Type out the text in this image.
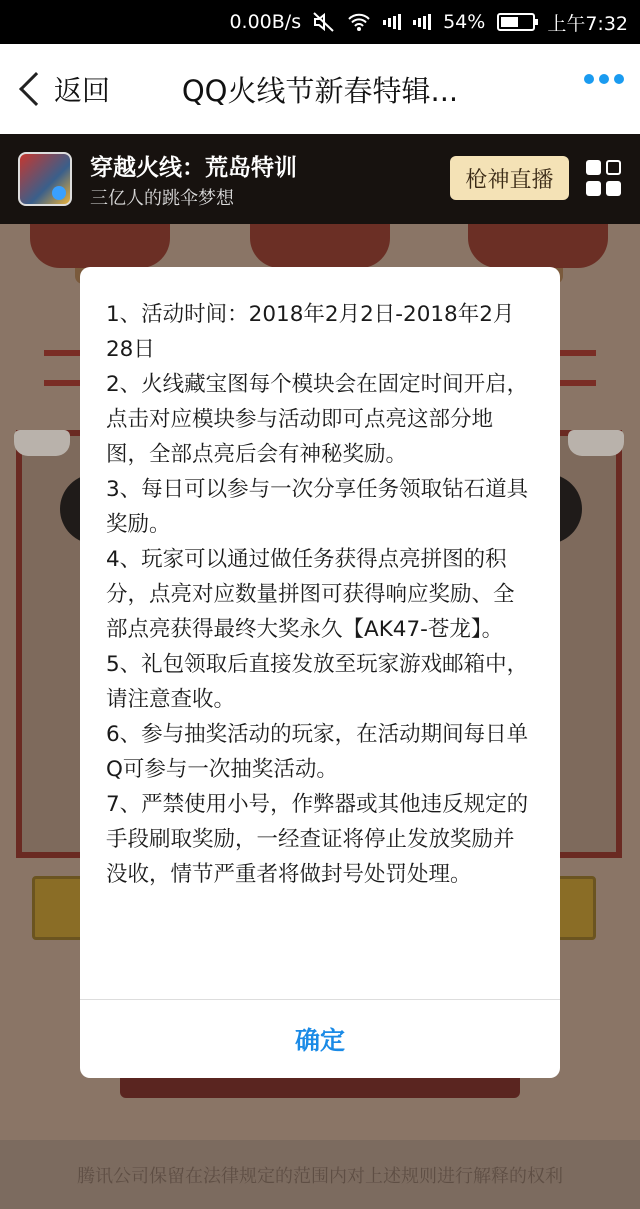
0.00B/s	54%	上午7:32
返回	QQ火线节新春特辑...
腾讯公司保留在法律规定的范围内对上述规则进行解释的权利
穿越火线：荒岛特训
三亿人的跳伞梦想
枪神直播

1、活动时间：2018年2月2日-2018年2月28日

2、火线藏宝图每个模块会在固定时间开启，点击对应模块参与活动即可点亮这部分地图，全部点亮后会有神秘奖励。

3、每日可以参与一次分享任务领取钻石道具奖励。

4、玩家可以通过做任务获得点亮拼图的积分，点亮对应数量拼图可获得响应奖励、全部点亮获得最终大奖永久【AK47-苍龙】。

5、礼包领取后直接发放至玩家游戏邮箱中，请注意查收。

6、参与抽奖活动的玩家，在活动期间每日单Q可参与一次抽奖活动。

7、严禁使用小号，作弊器或其他违反规定的手段刷取奖励，一经查证将停止发放奖励并没收，情节严重者将做封号处罚处理。

确定
